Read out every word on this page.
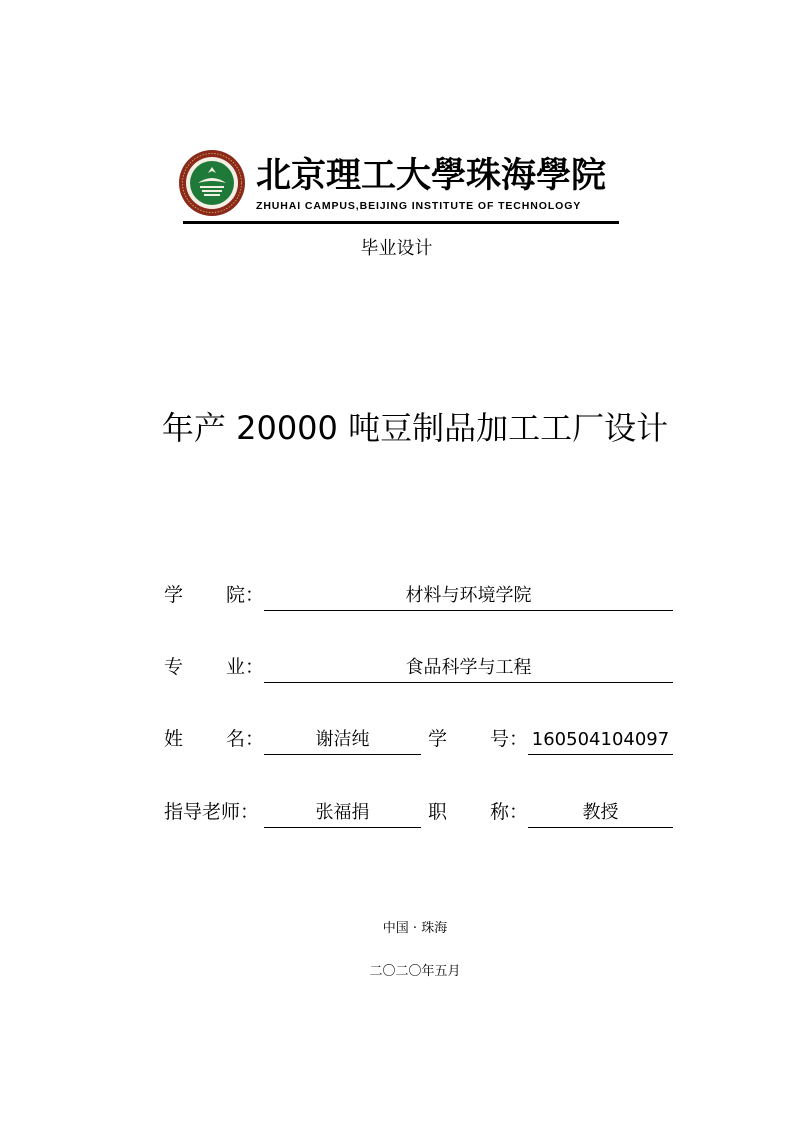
北京理工大學珠海學院
ZHUHAI CAMPUS,BEIJING INSTITUTE OF TECHNOLOGY
毕业设计
年产 20000 吨豆制品加工工厂设计
学 院：	材料与环境学院
专 业：	食品科学与工程
姓 名：	谢洁纯	学 号： 160504104097
指导老师：	张福捐	职 称：	教授
中国 · 珠海
二〇二〇年五月
